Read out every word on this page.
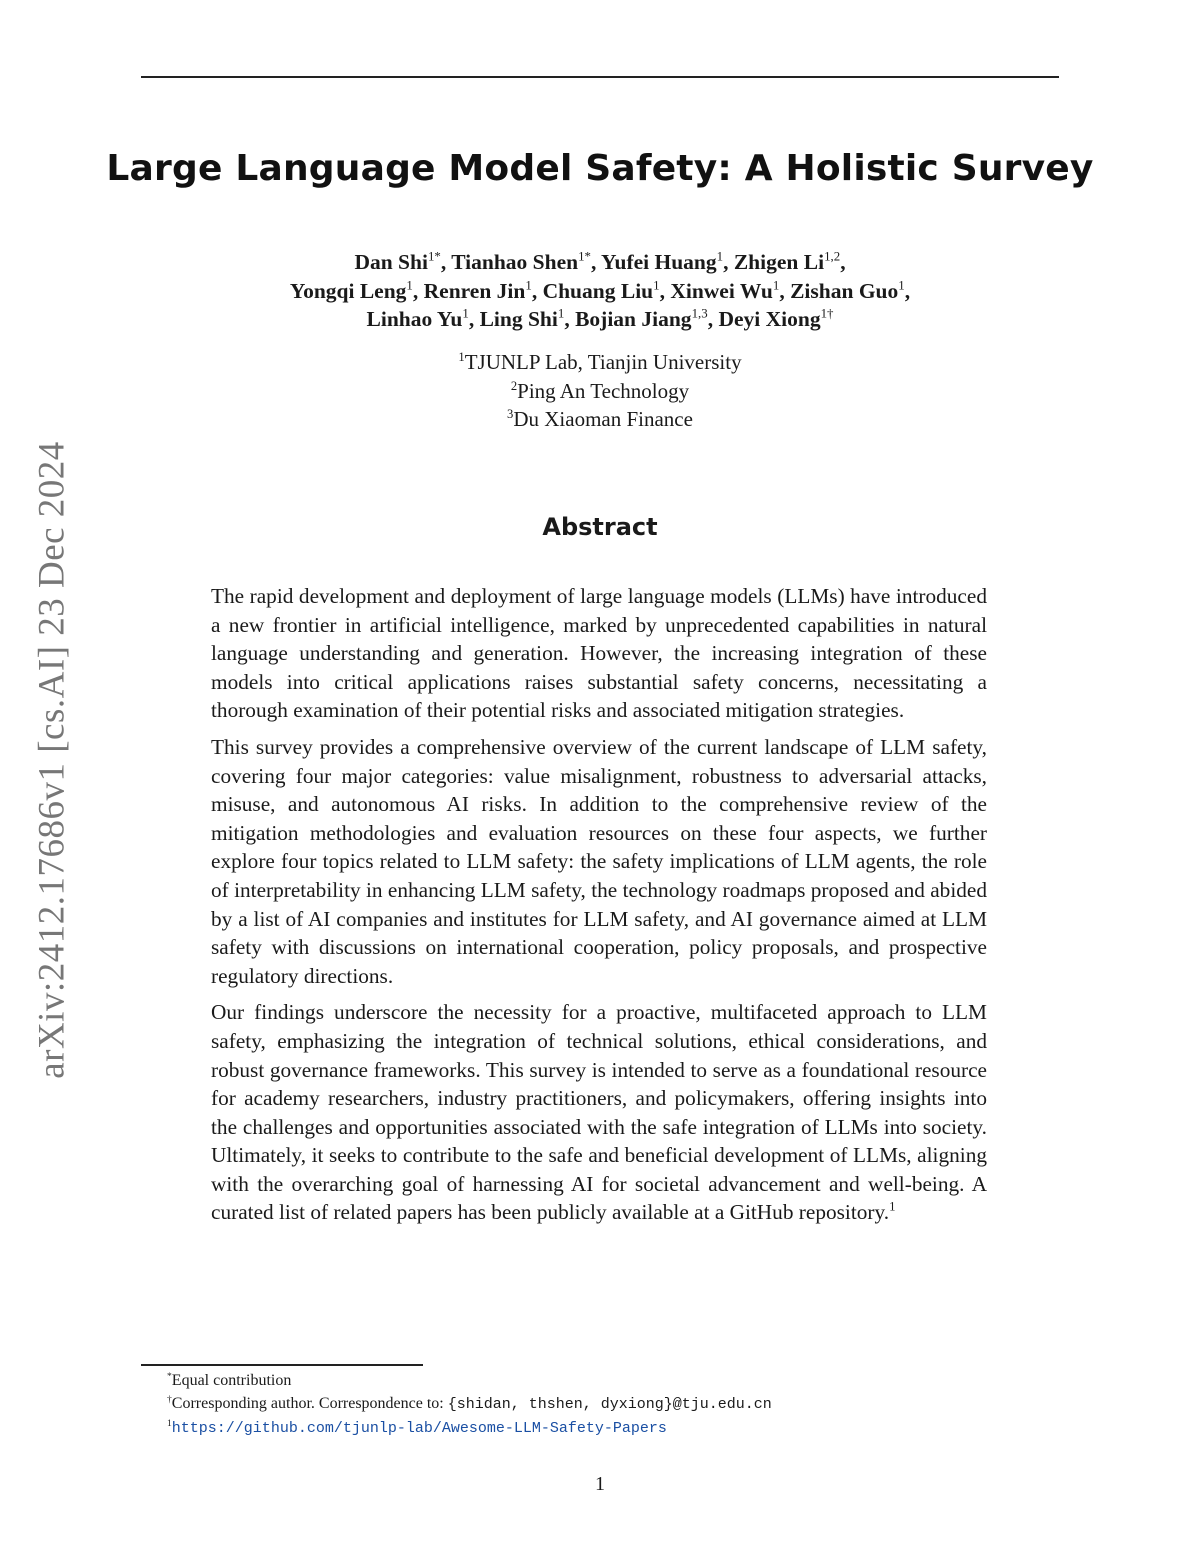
arXiv:2412.17686v1 [cs.AI] 23 Dec 2024
Large Language Model Safety: A Holistic Survey
Dan Shi$^{1*}$, Tianhao Shen$^{1*}$, Yufei Huang$^1$, Zhigen Li$^{1,2}$,
Yongqi Leng$^1$, Renren Jin$^1$, Chuang Liu$^1$, Xinwei Wu$^1$, Zishan Guo$^1$,
Linhao Yu$^1$, Ling Shi$^1$, Bojian Jiang$^{1,3}$, Deyi Xiong$^{1\dagger}$
$^1$TJUNLP Lab, Tianjin University
$^2$Ping An Technology
$^3$Du Xiaoman Finance
Abstract

The rapid development and deployment of large language models (LLMs) have introduced a new frontier in artificial intelligence, marked by unprecedented capabilities in natural language understanding and generation. However, the increasing integration of these models into critical applications raises substantial safety concerns, necessitating a thorough examination of their potential risks and associated mitigation strategies.

This survey provides a comprehensive overview of the current landscape of LLM safety, covering four major categories: value misalignment, robustness to adversarial attacks, misuse, and autonomous AI risks. In addition to the comprehensive review of the mitigation methodologies and evaluation resources on these four aspects, we further explore four topics related to LLM safety: the safety implications of LLM agents, the role of interpretability in enhancing LLM safety, the technology roadmaps proposed and abided by a list of AI companies and institutes for LLM safety, and AI governance aimed at LLM safety with discussions on international cooperation, policy proposals, and prospective regulatory directions.

Our findings underscore the necessity for a proactive, multifaceted approach to LLM safety, emphasizing the integration of technical solutions, ethical considerations, and robust governance frameworks. This survey is intended to serve as a foundational resource for academy researchers, industry practitioners, and policymakers, offering insights into the challenges and opportunities associated with the safe integration of LLMs into society. Ultimately, it seeks to contribute to the safe and beneficial development of LLMs, aligning with the overarching goal of harnessing AI for societal advancement and well-being. A curated list of related papers has been publicly available at a GitHub repository.$^1$

*Equal contribution
†Corresponding author. Correspondence to: {shidan, thshen, dyxiong}@tju.edu.cn
$^1$https://github.com/tjunlp-lab/Awesome-LLM-Safety-Papers
1
